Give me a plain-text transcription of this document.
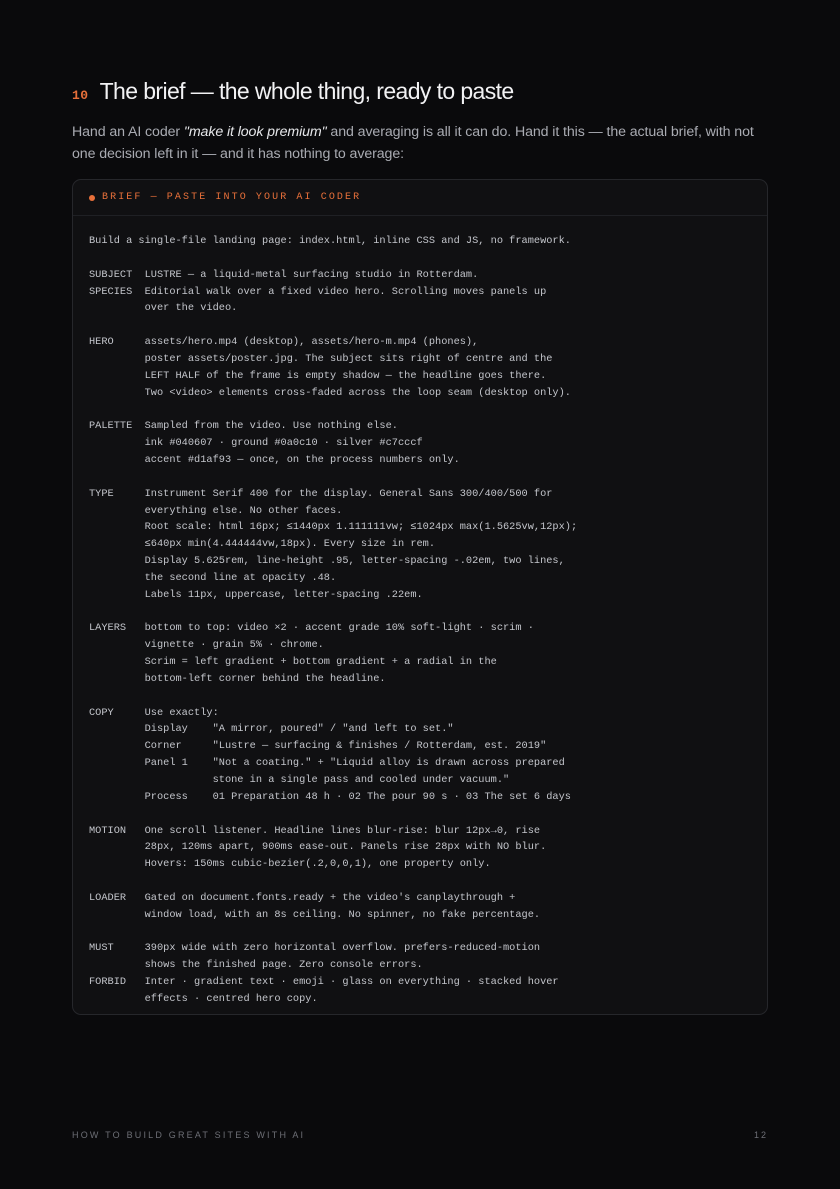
10 The brief — the whole thing, ready to paste

Hand an AI coder "make it look premium" and averaging is all it can do. Hand it this — the actual brief, with not one decision left in it — and it has nothing to average:

BRIEF — PASTE INTO YOUR AI CODER
Build a single-file landing page: index.html, inline CSS and JS, no framework.
SUBJECT  LUSTRE — a liquid-metal surfacing studio in Rotterdam.
SPECIES  Editorial walk over a fixed video hero. Scrolling moves panels up
over the video.
HERO     assets/hero.mp4 (desktop), assets/hero-m.mp4 (phones),
poster assets/poster.jpg. The subject sits right of centre and the
LEFT HALF of the frame is empty shadow — the headline goes there.
Two <video> elements cross-faded across the loop seam (desktop only).
PALETTE  Sampled from the video. Use nothing else.
ink #040607 · ground #0a0c10 · silver #c7cccf
accent #d1af93 — once, on the process numbers only.
TYPE     Instrument Serif 400 for the display. General Sans 300/400/500 for
everything else. No other faces.
Root scale: html 16px; ≤1440px 1.111111vw; ≤1024px max(1.5625vw,12px);
≤640px min(4.444444vw,18px). Every size in rem.
Display 5.625rem, line-height .95, letter-spacing -.02em, two lines,
the second line at opacity .48.
Labels 11px, uppercase, letter-spacing .22em.
LAYERS   bottom to top: video ×2 · accent grade 10% soft-light · scrim ·
vignette · grain 5% · chrome.
Scrim = left gradient + bottom gradient + a radial in the
bottom-left corner behind the headline.
COPY     Use exactly:
Display    "A mirror, poured" / "and left to set."
Corner     "Lustre — surfacing & finishes / Rotterdam, est. 2019"
Panel 1    "Not a coating." + "Liquid alloy is drawn across prepared
stone in a single pass and cooled under vacuum."
Process    01 Preparation 48 h · 02 The pour 90 s · 03 The set 6 days
MOTION   One scroll listener. Headline lines blur-rise: blur 12px→0, rise
28px, 120ms apart, 900ms ease-out. Panels rise 28px with NO blur.
Hovers: 150ms cubic-bezier(.2,0,0,1), one property only.
LOADER   Gated on document.fonts.ready + the video's canplaythrough +
window load, with an 8s ceiling. No spinner, no fake percentage.
MUST     390px wide with zero horizontal overflow. prefers-reduced-motion
shows the finished page. Zero console errors.
FORBID   Inter · gradient text · emoji · glass on everything · stacked hover
effects · centred hero copy.
HOW TO BUILD GREAT SITES WITH AI	12
